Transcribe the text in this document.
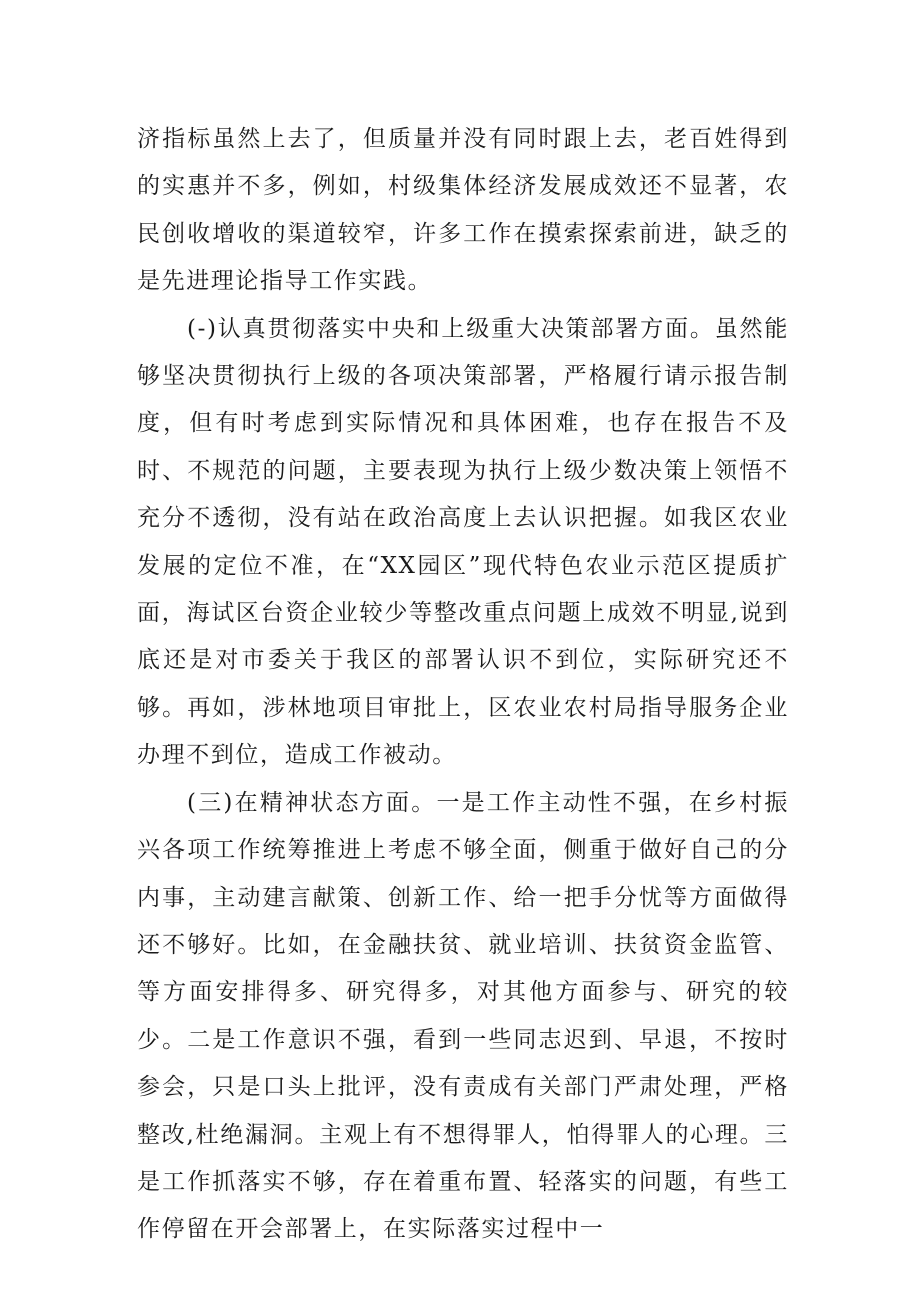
济指标虽然上去了，但质量并没有同时跟上去，老百姓得到的实惠并不多，例如，村级集体经济发展成效还不显著，农民创收增收的渠道较窄，许多工作在摸索探索前进，缺乏的是先进理论指导工作实践。

(-)认真贯彻落实中央和上级重大决策部署方面。虽然能够坚决贯彻执行上级的各项决策部署，严格履行请示报告制度，但有时考虑到实际情况和具体困难，也存在报告不及时、不规范的问题，主要表现为执行上级少数决策上领悟不充分不透彻，没有站在政治高度上去认识把握。如我区农业发展的定位不准，在“XX园区”现代特色农业示范区提质扩面，海试区台资企业较少等整改重点问题上成效不明显,说到底还是对市委关于我区的部署认识不到位，实际研究还不够。再如，涉林地项目审批上，区农业农村局指导服务企业办理不到位，造成工作被动。

(三)在精神状态方面。一是工作主动性不强，在乡村振兴各项工作统筹推进上考虑不够全面，侧重于做好自己的分内事，主动建言献策、创新工作、给一把手分忧等方面做得还不够好。比如，在金融扶贫、就业培训、扶贫资金监管、等方面安排得多、研究得多，对其他方面参与、研究的较少。二是工作意识不强，看到一些同志迟到、早退，不按时参会，只是口头上批评，没有责成有关部门严肃处理，严格整改,杜绝漏洞。主观上有不想得罪人，怕得罪人的心理。三是工作抓落实不够，存在着重布置、轻落实的问题，有些工作停留在开会部署上，在实际落实过程中一
